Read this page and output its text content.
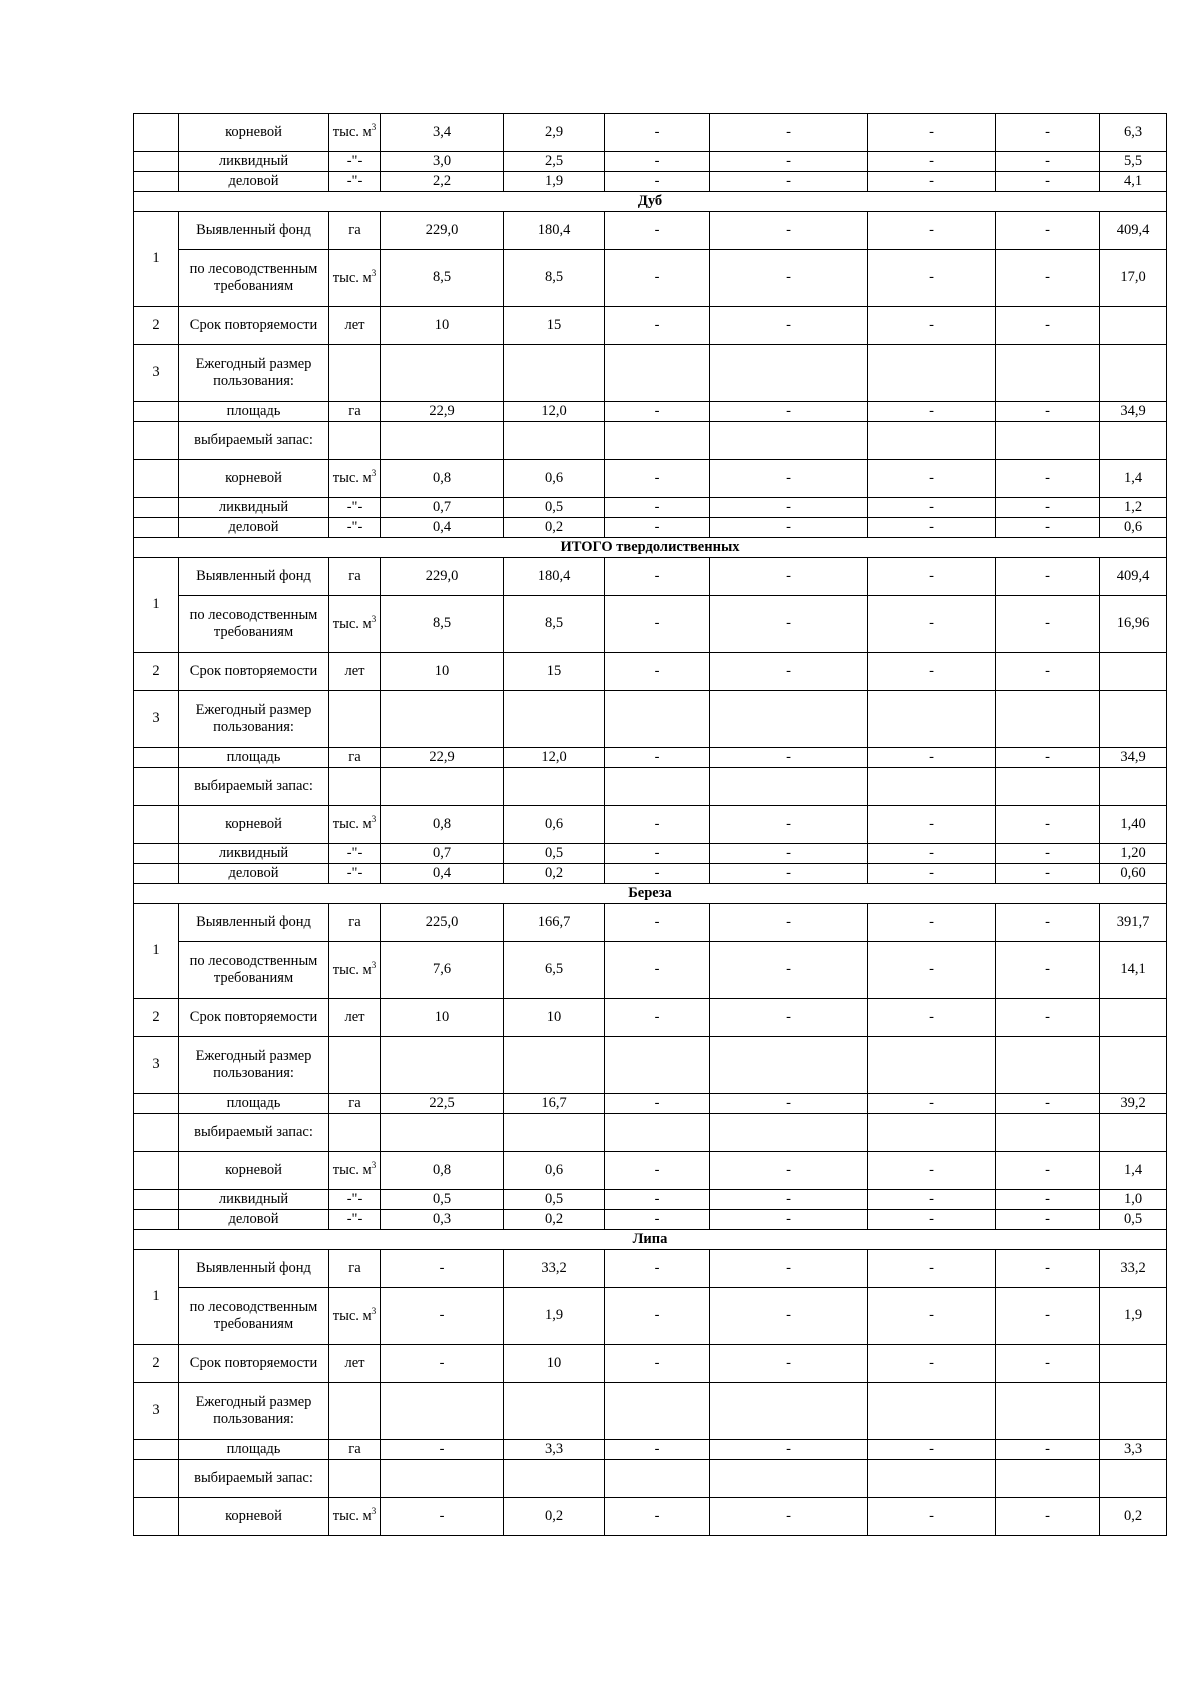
	корневой	тыс. $м^3$	3,4	2,9	-	-	-	-	6,3
	ликвидный	-"-	3,0	2,5	-	-	-	-	5,5
	деловой	-"-	2,2	1,9	-	-	-	-	4,1
Дуб									
1	Выявленный фонд	га	229,0	180,4	-	-	-	-	409,4
	по лесоводственным требованиям	тыс. $м^3$	8,5	8,5	-	-	-	-	17,0
2	Срок повторяемости	лет	10	15	-	-	-	-	
3	Ежегодный размер пользования:								
	площадь	га	22,9	12,0	-	-	-	-	34,9
	выбираемый запас:								
	корневой	тыс. $м^3$	0,8	0,6	-	-	-	-	1,4
	ликвидный	-"-	0,7	0,5	-	-	-	-	1,2
	деловой	-"-	0,4	0,2	-	-	-	-	0,6
ИТОГО твердолиственных									
1	Выявленный фонд	га	229,0	180,4	-	-	-	-	409,4
	по лесоводственным требованиям	тыс. $м^3$	8,5	8,5	-	-	-	-	16,96
2	Срок повторяемости	лет	10	15	-	-	-	-	
3	Ежегодный размер пользования:								
	площадь	га	22,9	12,0	-	-	-	-	34,9
	выбираемый запас:								
	корневой	тыс. $м^3$	0,8	0,6	-	-	-	-	1,40
	ликвидный	-"-	0,7	0,5	-	-	-	-	1,20
	деловой	-"-	0,4	0,2	-	-	-	-	0,60
Береза									
1	Выявленный фонд	га	225,0	166,7	-	-	-	-	391,7
	по лесоводственным требованиям	тыс. $м^3$	7,6	6,5	-	-	-	-	14,1
2	Срок повторяемости	лет	10	10	-	-	-	-	
3	Ежегодный размер пользования:								
	площадь	га	22,5	16,7	-	-	-	-	39,2
	выбираемый запас:								
	корневой	тыс. $м^3$	0,8	0,6	-	-	-	-	1,4
	ликвидный	-"-	0,5	0,5	-	-	-	-	1,0
	деловой	-"-	0,3	0,2	-	-	-	-	0,5
Липа									
1	Выявленный фонд	га	-	33,2	-	-	-	-	33,2
	по лесоводственным требованиям	тыс. $м^3$	-	1,9	-	-	-	-	1,9
2	Срок повторяемости	лет	-	10	-	-	-	-	
3	Ежегодный размер пользования:								
	площадь	га	-	3,3	-	-	-	-	3,3
	выбираемый запас:								
	корневой	тыс. $м^3$	-	0,2	-	-	-	-	0,2
